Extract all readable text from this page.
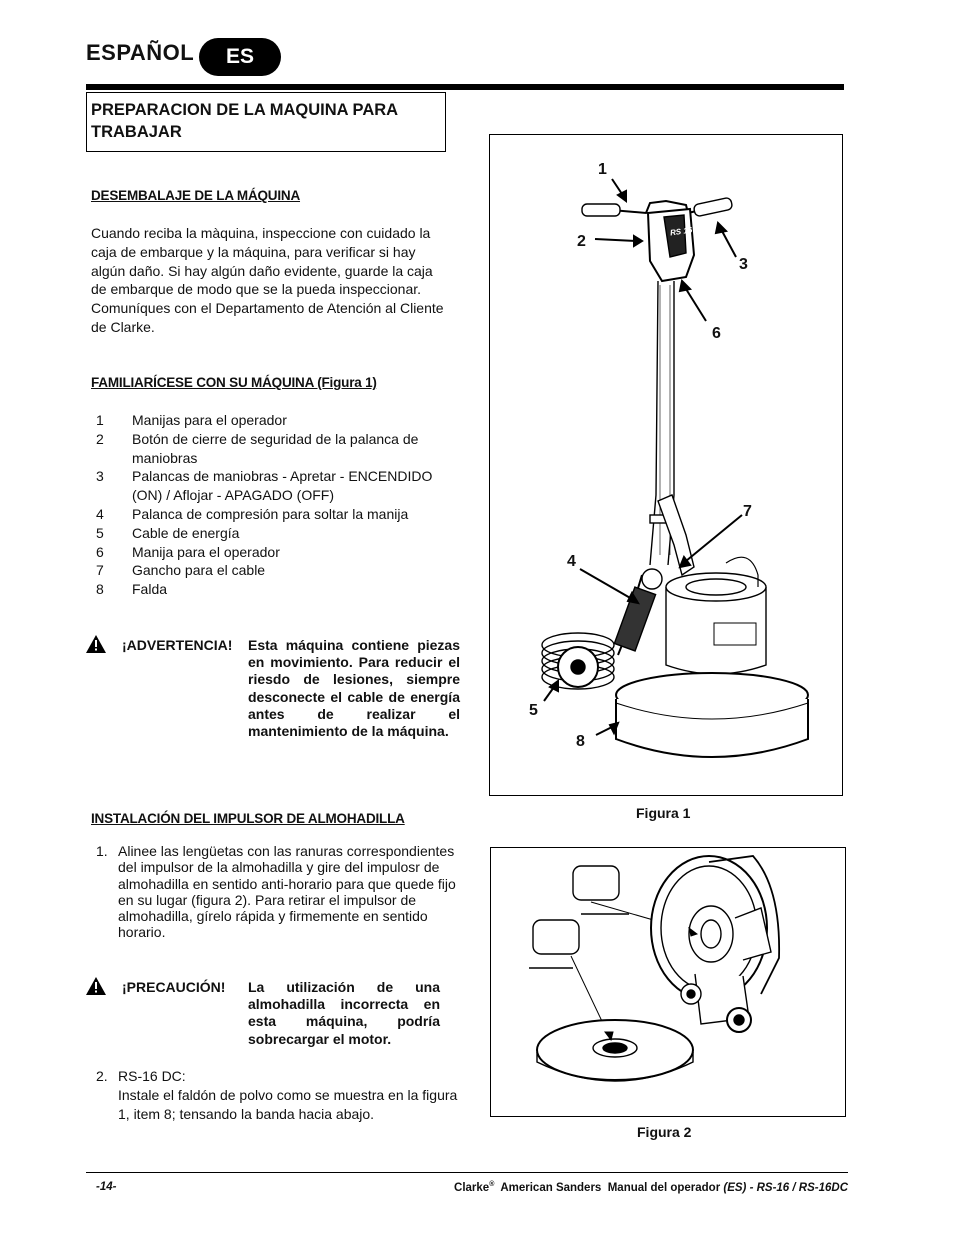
ESPAÑOL	ES
PREPARACION DE LA MAQUINA PARA TRABAJAR
DESEMBALAJE DE LA MÁQUINA
Cuando reciba la màquina, inspeccione con cuidado la caja de embarque y la máquina, para verificar si hay algún daño. Si hay algún daño evidente, guarde la caja de embarque de modo que se la pueda inspeccionar. Comuníques con el Departamento de Atención al Cliente de Clarke.
FAMILIARÍCESE CON SU MÁQUINA (Figura 1)
1	Manijas para el operador
2	Botón de cierre de seguridad de la palanca de maniobras
3	Palancas de maniobras - Apretar - ENCENDIDO (ON) / Aflojar - APAGADO (OFF)
4	Palanca de compresión para soltar la manija
5	Cable de energía
6	Manija para el operador
7	Gancho para el cable
8	Falda
¡ADVERTENCIA! Esta máquina contiene piezas en movimiento. Para reducir el riesdo de lesiones, siempre desconecte el cable de energía antes de realizar el mantenimiento de la máquina.
INSTALACIÓN DEL IMPULSOR DE ALMOHADILLA
1. Alinee las lengüetas con las ranuras correspondientes del impulsor de la almohadilla y gire del impulosr de almohadilla en sentido anti-horario para que quede fijo en su lugar (figura 2). Para retirar el impulsor de almohadilla, gírelo rápida y firmemente en sentido horario.
¡PRECAUCIÓN! La utilización de una almohadilla incorrecta en esta máquina, podría sobrecargar el motor.
2. RS-16 DC:
Instale el faldón de polvo como se muestra en la figura 1, item 8; tensando la banda hacia abajo.
1
2
3
4
5
6
7
8
RS 16
Figura 1
Figura 2
-14-	Clarke®  American Sanders  Manual del operador (ES) - RS-16 / RS-16DC
